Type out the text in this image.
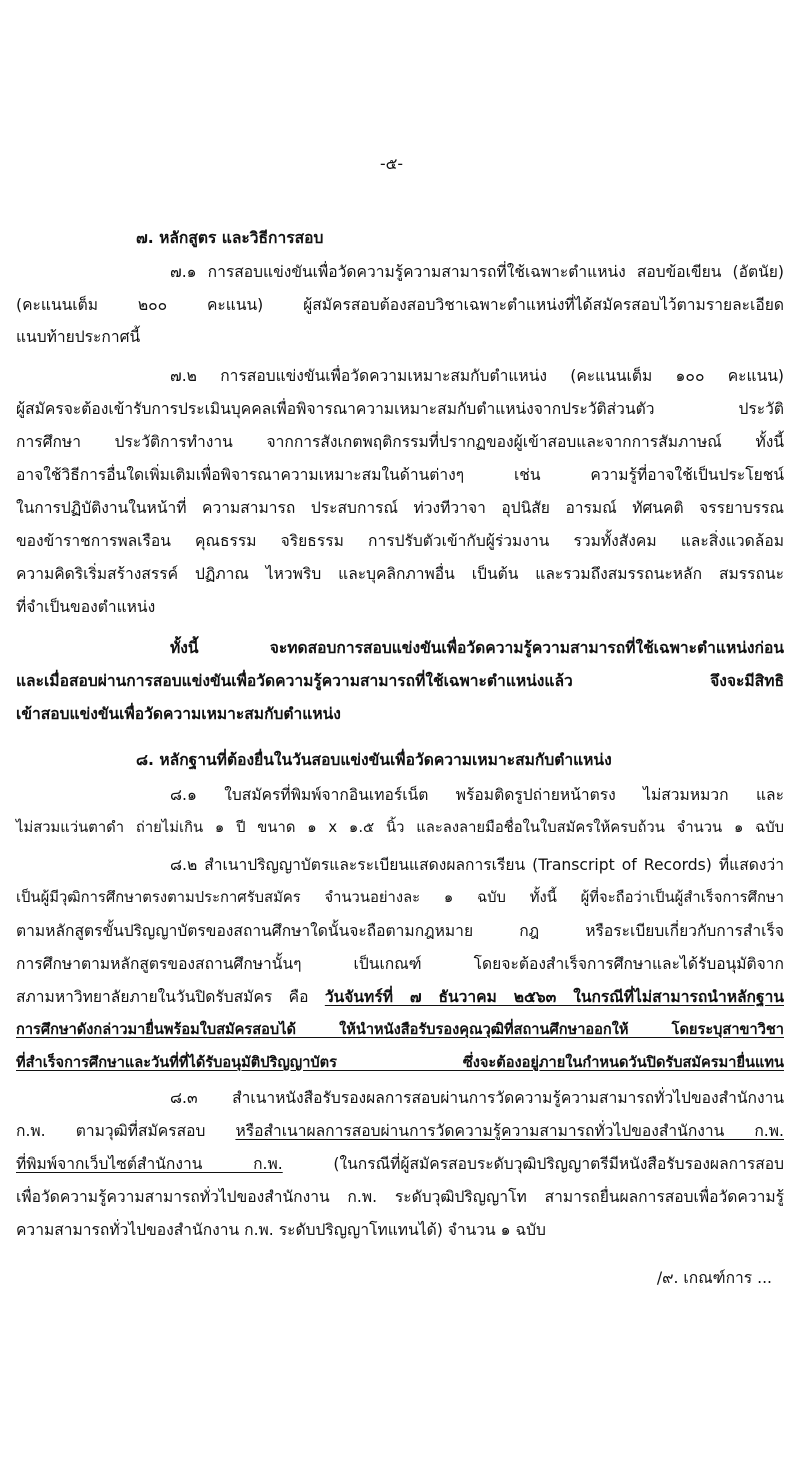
-๕-
๗. หลักสูตร และวิธีการสอบ
๗.๑ การสอบแข่งขันเพื่อวัดความรู้ความสามารถที่ใช้เฉพาะตำแหน่ง สอบข้อเขียน (อัตนัย)
(คะแนนเต็ม ๒๐๐ คะแนน) ผู้สมัครสอบต้องสอบวิชาเฉพาะตำแหน่งที่ได้สมัครสอบไว้ตามรายละเอียด
แนบท้ายประกาศนี้
๗.๒ การสอบแข่งขันเพื่อวัดความเหมาะสมกับตำแหน่ง (คะแนนเต็ม ๑๐๐ คะแนน)
ผู้สมัครจะต้องเข้ารับการประเมินบุคคลเพื่อพิจารณาความเหมาะสมกับตำแหน่งจากประวัติส่วนตัว ประวัติ
การศึกษา ประวัติการทำงาน จากการสังเกตพฤติกรรมที่ปรากฏของผู้เข้าสอบและจากการสัมภาษณ์ ทั้งนี้
อาจใช้วิธีการอื่นใดเพิ่มเติมเพื่อพิจารณาความเหมาะสมในด้านต่างๆ เช่น ความรู้ที่อาจใช้เป็นประโยชน์
ในการปฏิบัติงานในหน้าที่ ความสามารถ ประสบการณ์ ท่วงทีวาจา อุปนิสัย อารมณ์ ทัศนคติ จรรยาบรรณ
ของข้าราชการพลเรือน คุณธรรม จริยธรรม การปรับตัวเข้ากับผู้ร่วมงาน รวมทั้งสังคม และสิ่งแวดล้อม
ความคิดริเริ่มสร้างสรรค์ ปฏิภาณ ไหวพริบ และบุคลิกภาพอื่น เป็นต้น และรวมถึงสมรรถนะหลัก สมรรถนะ
ที่จำเป็นของตำแหน่ง
ทั้งนี้ จะทดสอบการสอบแข่งขันเพื่อวัดความรู้ความสามารถที่ใช้เฉพาะตำแหน่งก่อน
และเมื่อสอบผ่านการสอบแข่งขันเพื่อวัดความรู้ความสามารถที่ใช้เฉพาะตำแหน่งแล้ว จึงจะมีสิทธิ
เข้าสอบแข่งขันเพื่อวัดความเหมาะสมกับตำแหน่ง
๘. หลักฐานที่ต้องยื่นในวันสอบแข่งขันเพื่อวัดความเหมาะสมกับตำแหน่ง
๘.๑ ใบสมัครที่พิมพ์จากอินเทอร์เน็ต พร้อมติดรูปถ่ายหน้าตรง ไม่สวมหมวก และ
ไม่สวมแว่นตาดำ ถ่ายไม่เกิน ๑ ปี ขนาด ๑ x ๑.๕ นิ้ว และลงลายมือชื่อในใบสมัครให้ครบถ้วน จำนวน ๑ ฉบับ
๘.๒ สำเนาปริญญาบัตรและระเบียนแสดงผลการเรียน (Transcript of Records) ที่แสดงว่า
เป็นผู้มีวุฒิการศึกษาตรงตามประกาศรับสมัคร จำนวนอย่างละ ๑ ฉบับ ทั้งนี้ ผู้ที่จะถือว่าเป็นผู้สำเร็จการศึกษา
ตามหลักสูตรขั้นปริญญาบัตรของสถานศึกษาใดนั้นจะถือตามกฎหมาย กฎ หรือระเบียบเกี่ยวกับการสำเร็จ
การศึกษาตามหลักสูตรของสถานศึกษานั้นๆ เป็นเกณฑ์ โดยจะต้องสำเร็จการศึกษาและได้รับอนุมัติจาก
สภามหาวิทยาลัยภายในวันปิดรับสมัคร คือ วันจันทร์ที่ ๗ ธันวาคม ๒๕๖๓ ในกรณีที่ไม่สามารถนำหลักฐาน
การศึกษาดังกล่าวมายื่นพร้อมใบสมัครสอบได้ ให้นำหนังสือรับรองคุณวุฒิที่สถานศึกษาออกให้ โดยระบุสาขาวิชา
ที่สำเร็จการศึกษาและวันที่ที่ได้รับอนุมัติปริญญาบัตร ซึ่งจะต้องอยู่ภายในกำหนดวันปิดรับสมัครมายื่นแทน
๘.๓ สำเนาหนังสือรับรองผลการสอบผ่านการวัดความรู้ความสามารถทั่วไปของสำนักงาน
ก.พ. ตามวุฒิที่สมัครสอบ หรือสำเนาผลการสอบผ่านการวัดความรู้ความสามารถทั่วไปของสำนักงาน ก.พ.
ที่พิมพ์จากเว็บไซต์สำนักงาน ก.พ. (ในกรณีที่ผู้สมัครสอบระดับวุฒิปริญญาตรีมีหนังสือรับรองผลการสอบ
เพื่อวัดความรู้ความสามารถทั่วไปของสำนักงาน ก.พ. ระดับวุฒิปริญญาโท สามารถยื่นผลการสอบเพื่อวัดความรู้
ความสามารถทั่วไปของสำนักงาน ก.พ. ระดับปริญญาโทแทนได้) จำนวน ๑ ฉบับ
/๙. เกณฑ์การ ...
